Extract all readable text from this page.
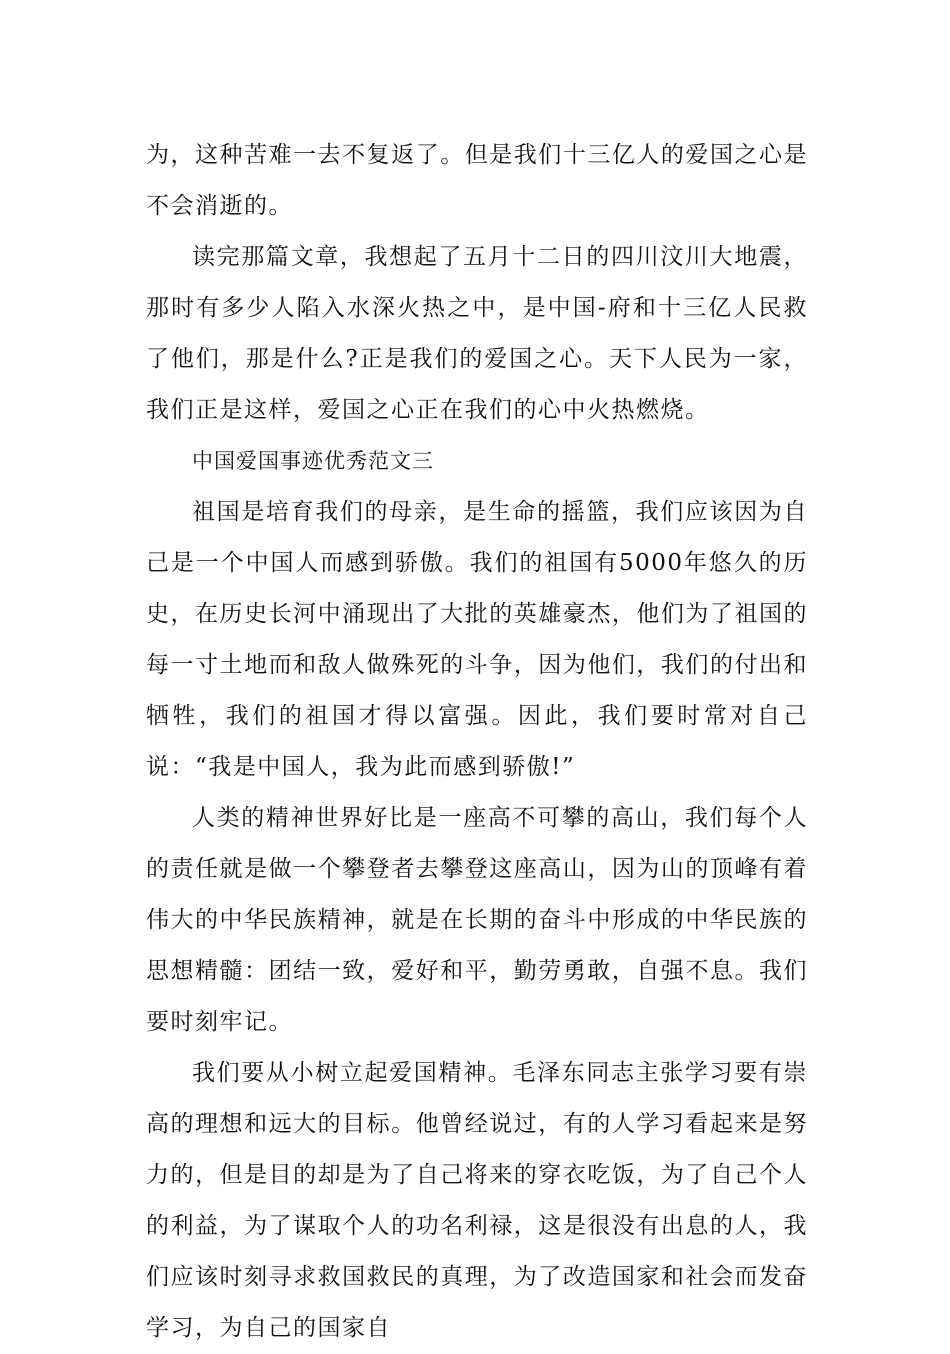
为，这种苦难一去不复返了。但是我们十三亿人的爱国之心是不会消逝的。

读完那篇文章，我想起了五月十二日的四川汶川大地震，那时有多少人陷入水深火热之中，是中国-府和十三亿人民救了他们，那是什么?正是我们的爱国之心。天下人民为一家，我们正是这样，爱国之心正在我们的心中火热燃烧。

中国爱国事迹优秀范文三

祖国是培育我们的母亲，是生命的摇篮，我们应该因为自己是一个中国人而感到骄傲。我们的祖国有5000年悠久的历史，在历史长河中涌现出了大批的英雄豪杰，他们为了祖国的每一寸土地而和敌人做殊死的斗争，因为他们，我们的付出和牺牲，我们的祖国才得以富强。因此，我们要时常对自己说：“我是中国人，我为此而感到骄傲!”

人类的精神世界好比是一座高不可攀的高山，我们每个人的责任就是做一个攀登者去攀登这座高山，因为山的顶峰有着伟大的中华民族精神，就是在长期的奋斗中形成的中华民族的思想精髓：团结一致，爱好和平，勤劳勇敢，自强不息。我们要时刻牢记。

我们要从小树立起爱国精神。毛泽东同志主张学习要有崇高的理想和远大的目标。他曾经说过，有的人学习看起来是努力的，但是目的却是为了自己将来的穿衣吃饭，为了自己个人的利益，为了谋取个人的功名利禄，这是很没有出息的人，我们应该时刻寻求救国救民的真理，为了改造国家和社会而发奋学习，为自己的国家自
